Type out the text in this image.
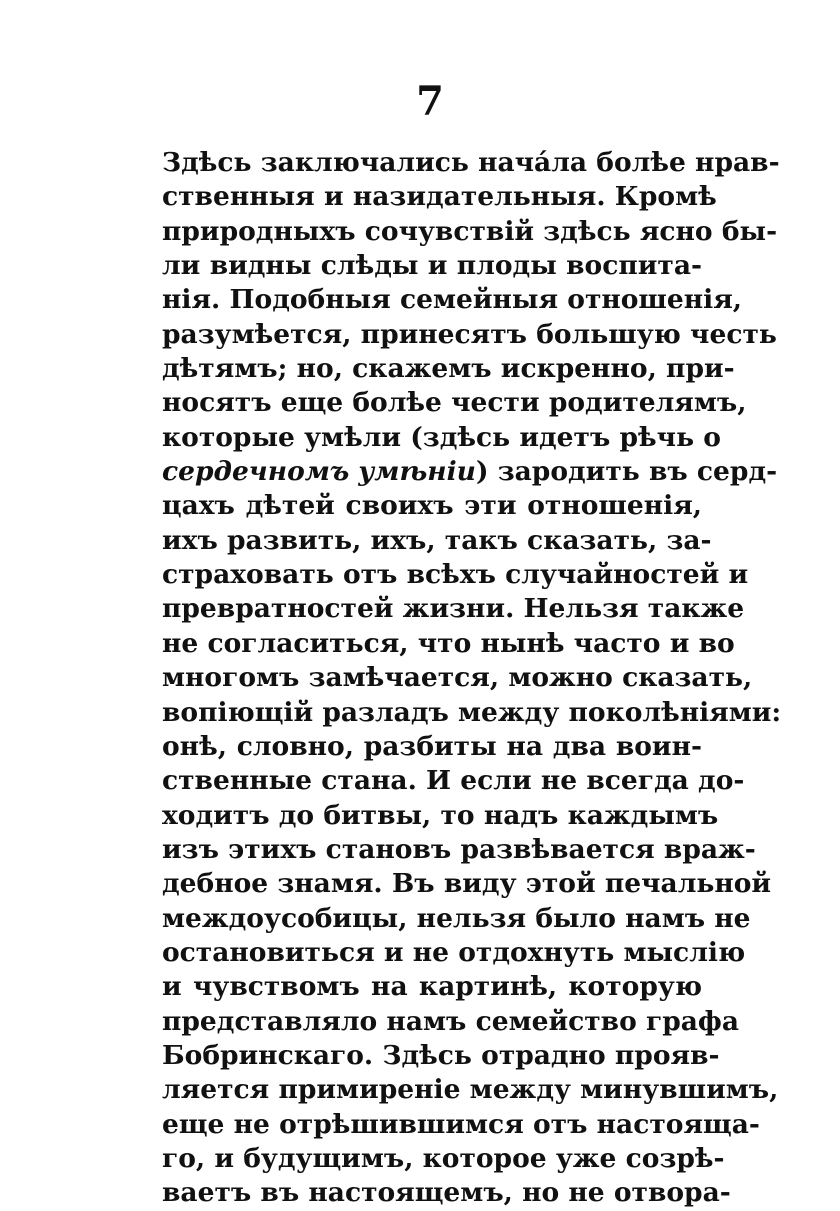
7
Здѣсь заключались начáла болѣе нрав-
ственныя и назидательныя. Кромѣ
природныхъ сочувствій здѣсь ясно бы-
ли видны слѣды и плоды воспита-
нія. Подобныя семейныя отношенія,
разумѣется, принесятъ большую честь
дѣтямъ; но, скажемъ искренно, при-
носятъ еще болѣе чести родителямъ,
которые умѣли (здѣсь идетъ рѣчь о
сердечномъ умѣніи) зародить въ серд-
цахъ дѣтей своихъ эти отношенія,
ихъ развить, ихъ, такъ сказать, за-
страховать отъ всѣхъ случайностей и
превратностей жизни. Нельзя также
не согласиться, что нынѣ часто и во
многомъ замѣчается, можно сказать,
вопіющій разладъ между поколѣніями:
онѣ, словно, разбиты на два воин-
ственные стана. И если не всегда до-
ходитъ до битвы, то надъ каждымъ
изъ этихъ становъ развѣвается враж-
дебное знамя. Въ виду этой печальной
междоусобицы, нельзя было намъ не
остановиться и не отдохнуть мыслію
и чувствомъ на картинѣ, которую
представляло намъ семейство графа
Бобринскаго. Здѣсь отрадно прояв-
ляется примиреніе между минувшимъ,
еще не отрѣшившимся отъ настояща-
го, и будущимъ, которое уже созрѣ-
ваетъ въ настоящемъ, но не отвора-
